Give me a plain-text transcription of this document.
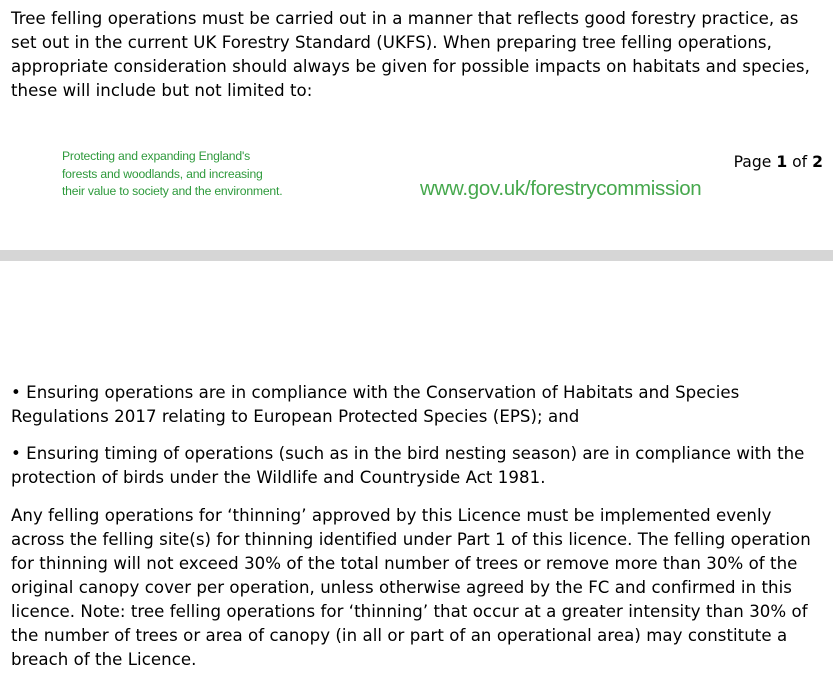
Tree felling operations must be carried out in a manner that reflects good forestry practice, as set out in the current UK Forestry Standard (UKFS). When preparing tree felling operations, appropriate consideration should always be given for possible impacts on habitats and species, these will include but not limited to:

Protecting and expanding England's
forests and woodlands, and increasing
their value to society and the environment.
Page 1 of 2
www.gov.uk/forestrycommission

• Ensuring operations are in compliance with the Conservation of Habitats and Species Regulations 2017 relating to European Protected Species (EPS); and

• Ensuring timing of operations (such as in the bird nesting season) are in compliance with the protection of birds under the Wildlife and Countryside Act 1981.

Any felling operations for ‘thinning’ approved by this Licence must be implemented evenly across the felling site(s) for thinning identified under Part 1 of this licence. The felling operation for thinning will not exceed 30% of the total number of trees or remove more than 30% of the original canopy cover per operation, unless otherwise agreed by the FC and confirmed in this licence. Note: tree felling operations for ‘thinning’ that occur at a greater intensity than 30% of the number of trees or area of canopy (in all or part of an operational area) may constitute a breach of the Licence.
